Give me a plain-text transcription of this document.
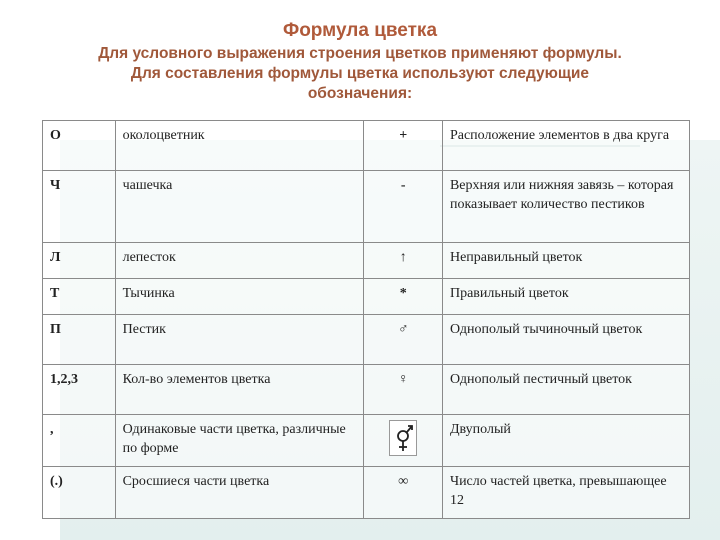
Формула цветка
Для условного выражения строения цветков применяют формулы.
Для составления формулы цветка используют следующие
обозначения:
О	околоцветник	+	Расположение элементов в два круга
Ч	чашечка	-	Верхняя или нижняя завязь – которая показывает количество пестиков
Л	лепесток	↑	Неправильный цветок
Т	Тычинка	*	Правильный цветок
П	Пестик	♂	Однополый тычиночный цветок
1,2,3	Кол-во элементов цветка	♀	Однополый пестичный цветок
,	Одинаковые части цветка, различные по форме		Двуполый
(.)	Сросшиеся части цветка	∞	Число частей цветка, превышающее 12
